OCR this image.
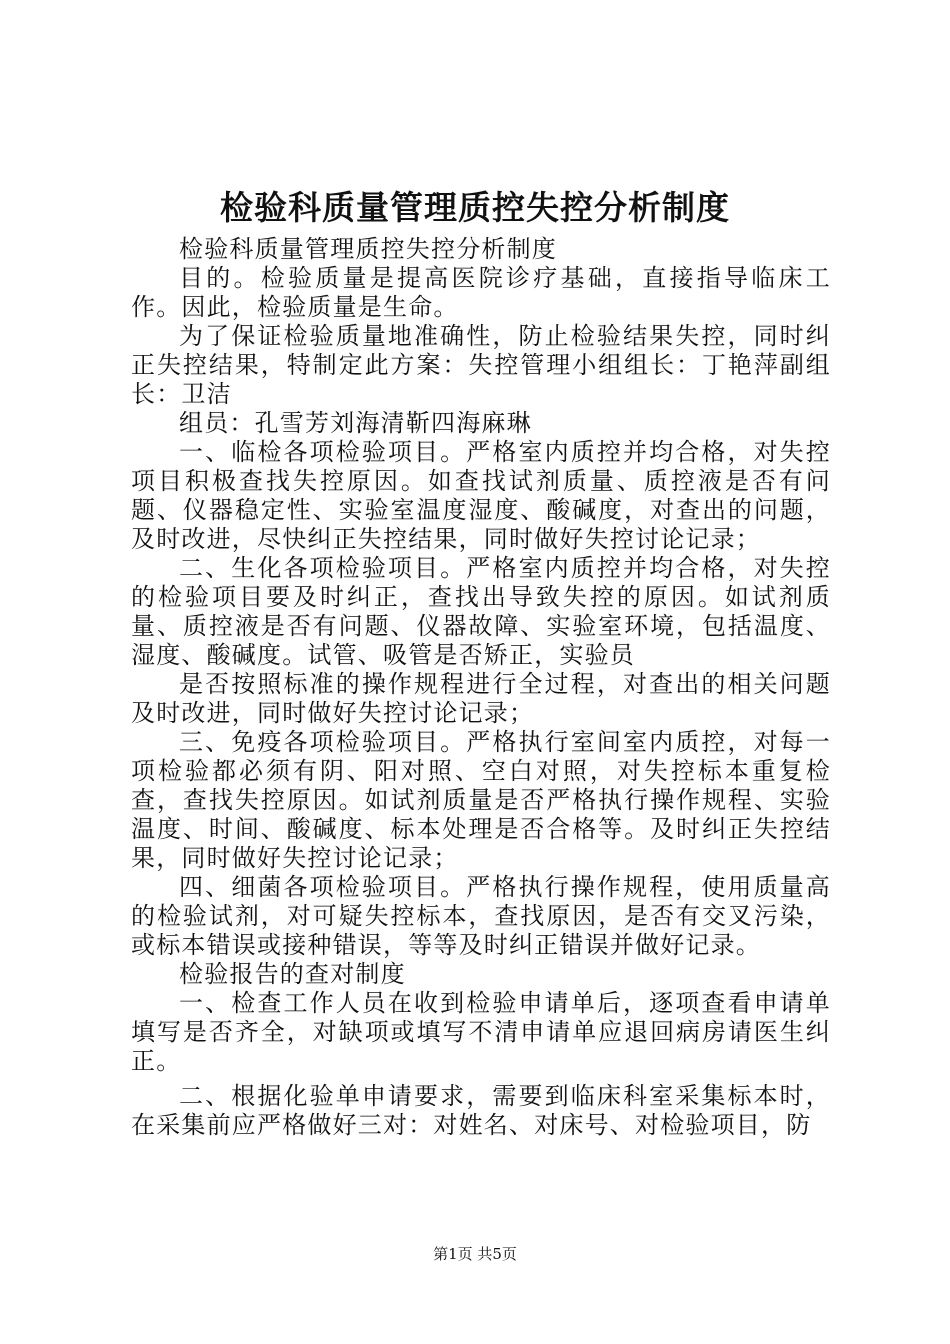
检验科质量管理质控失控分析制度

检验科质量管理质控失控分析制度

目的。检验质量是提高医院诊疗基础，直接指导临床工作。因此，检验质量是生命。

为了保证检验质量地准确性，防止检验结果失控，同时纠正失控结果，特制定此方案：失控管理小组组长：丁艳萍副组长：卫洁

组员：孔雪芳刘海清靳四海麻琳

一、临检各项检验项目。严格室内质控并均合格，对失控项目积极查找失控原因。如查找试剂质量、质控液是否有问题、仪器稳定性、实验室温度湿度、酸碱度，对查出的问题，及时改进，尽快纠正失控结果，同时做好失控讨论记录；

二、生化各项检验项目。严格室内质控并均合格，对失控的检验项目要及时纠正，查找出导致失控的原因。如试剂质量、质控液是否有问题、仪器故障、实验室环境，包括温度、湿度、酸碱度。试管、吸管是否矫正，实验员

是否按照标准的操作规程进行全过程，对查出的相关问题及时改进，同时做好失控讨论记录；

三、免疫各项检验项目。严格执行室间室内质控，对每一项检验都必须有阴、阳对照、空白对照，对失控标本重复检查，查找失控原因。如试剂质量是否严格执行操作规程、实验温度、时间、酸碱度、标本处理是否合格等。及时纠正失控结果，同时做好失控讨论记录；

四、细菌各项检验项目。严格执行操作规程，使用质量高的检验试剂，对可疑失控标本，查找原因，是否有交叉污染，或标本错误或接种错误，等等及时纠正错误并做好记录。

检验报告的查对制度

一、检查工作人员在收到检验申请单后，逐项查看申请单填写是否齐全，对缺项或填写不清申请单应退回病房请医生纠正。

二、根据化验单申请要求，需要到临床科室采集标本时，在采集前应严格做好三对：对姓名、对床号、对检验项目，防

第1页 共5页
